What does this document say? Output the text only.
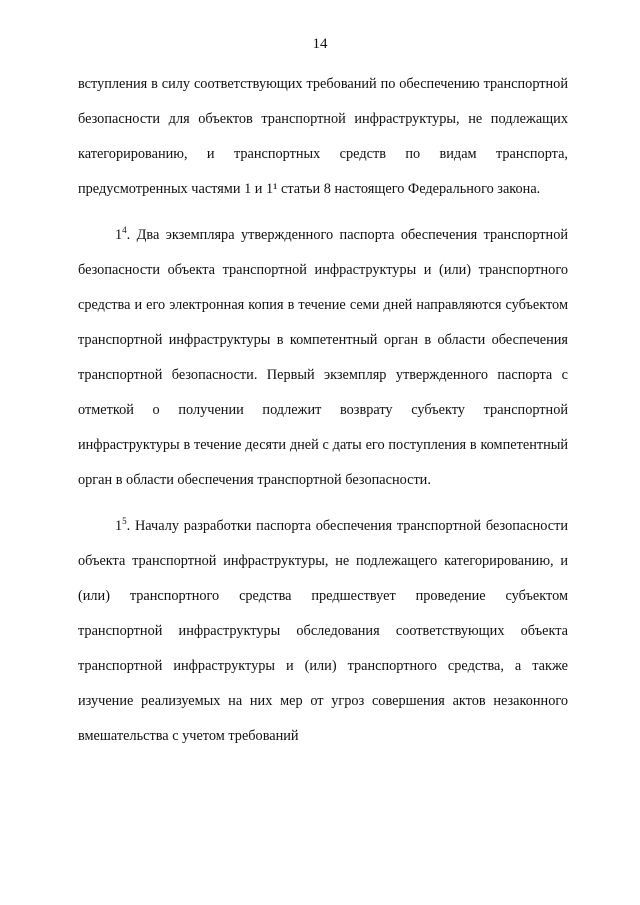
14

вступления в силу соответствующих требований по обеспечению транспортной безопасности для объектов транспортной инфраструктуры, не подлежащих категорированию, и транспортных средств по видам транспорта, предусмотренных частями 1 и 1¹ статьи 8 настоящего Федерального закона.

$1^4$. Два экземпляра утвержденного паспорта обеспечения транспортной безопасности объекта транспортной инфраструктуры и (или) транспортного средства и его электронная копия в течение семи дней направляются субъектом транспортной инфраструктуры в компетентный орган в области обеспечения транспортной безопасности. Первый экземпляр утвержденного паспорта с отметкой о получении подлежит возврату субъекту транспортной инфраструктуры в течение десяти дней с даты его поступления в компетентный орган в области обеспечения транспортной безопасности.

$1^5$. Началу разработки паспорта обеспечения транспортной безопасности объекта транспортной инфраструктуры, не подлежащего категорированию, и (или) транспортного средства предшествует проведение субъектом транспортной инфраструктуры обследования соответствующих объекта транспортной инфраструктуры и (или) транспортного средства, а также изучение реализуемых на них мер от угроз совершения актов незаконного вмешательства с учетом требований
